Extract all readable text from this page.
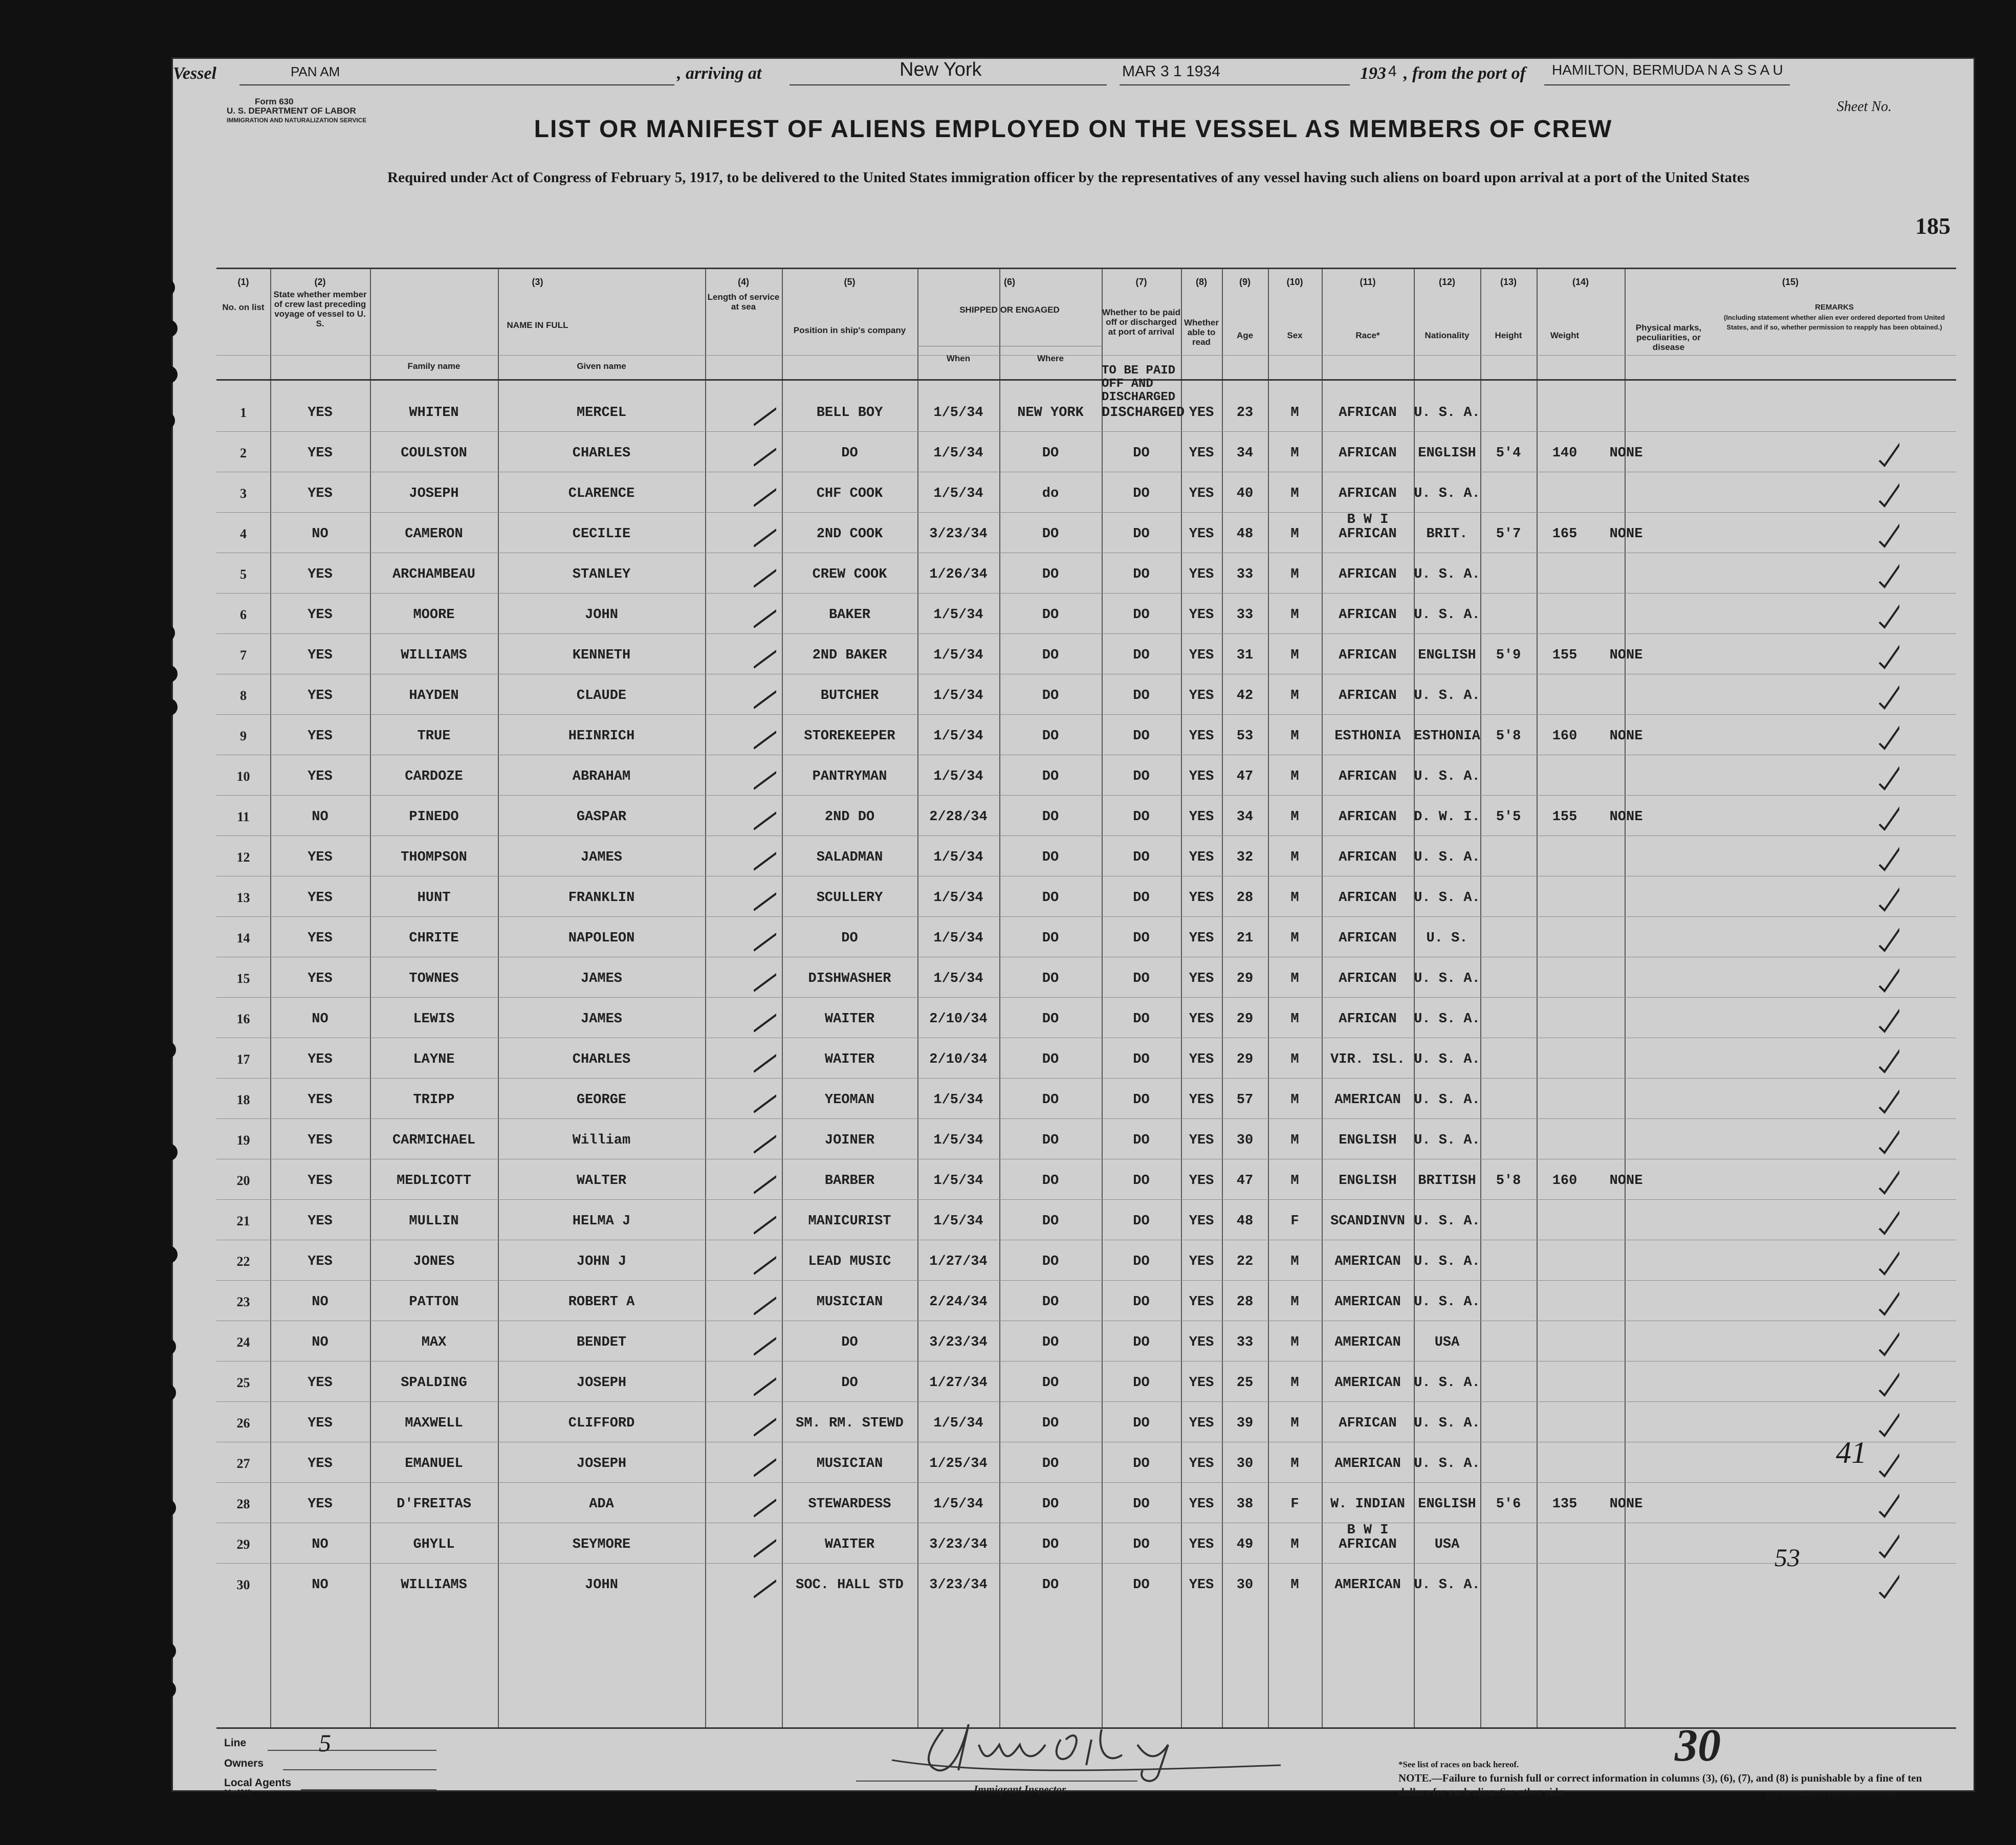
Form 630
U. S. DEPARTMENT OF LABOR
IMMIGRATION AND NATURALIZATION SERVICE
Sheet No.
LIST OR MANIFEST OF ALIENS EMPLOYED ON THE VESSEL AS MEMBERS OF CREW
Required under Act of Congress of February 5, 1917, to be delivered to the United States immigration officer by the representatives of any vessel having such aliens on board upon arrival at a port of the United States
185
Vessel	PAN AM	, arriving at	New York	MAR 3 1 1934	193 4 , from the port of HAMILTON, BERMUDA N A S S A U
No. on list
State whether member of crew last preceding voyage of vessel to U. S.	NAME IN FULL
Family name	Given name
Length of service at sea
Position in ship's company
SHIPPED OR ENGAGED
When	Where
Whether to be paid off or discharged at port of arrival
Whether able to read
Age	Sex	Race*	Nationality	Height	Weight
Physical marks, peculiarities, or disease
REMARKS
(Including statement whether alien ever ordered deported from United States, and if so, whether permission to reapply has been obtained.)
(1)	(2)	(3)	(4)	(5)	(6)	(7)	(8)	(9)	(10)	(11)	(12)	(13)	(14)	(15)
1	YES	WHITEN	MERCEL	BELL BOY	1/5/34	NEW YORK	DISCHARGED YES	23	M	AFRICAN	U. S. A.
2	YES	COULSTON	CHARLES	DO	1/5/34	DO	DO	YES	34	M	AFRICAN	ENGLISH	5'4	140	NONE
3	YES	JOSEPH	CLARENCE	CHF COOK	1/5/34	do	DO	YES	40	M	AFRICAN	U. S. A.
4	NO	CAMERON	CECILIE	2ND COOK	3/23/34	DO	DO	YES	48	M	AFRICAN	BRIT.	5'7	165	NONE
B W I
5	YES	ARCHAMBEAU	STANLEY	CREW COOK	1/26/34	DO	DO	YES	33	M	AFRICAN	U. S. A.
6	YES	MOORE	JOHN	BAKER	1/5/34	DO	DO	YES	33	M	AFRICAN	U. S. A.
7	YES	WILLIAMS	KENNETH	2ND BAKER	1/5/34	DO	DO	YES	31	M	AFRICAN	ENGLISH	5'9	155	NONE
8	YES	HAYDEN	CLAUDE	BUTCHER	1/5/34	DO	DO	YES	42	M	AFRICAN	U. S. A.
9	YES	TRUE	HEINRICH	STOREKEEPER	1/5/34	DO	DO	YES	53	M	ESTHONIA ESTHONIA	5'8	160	NONE
10	YES	CARDOZE	ABRAHAM	PANTRYMAN	1/5/34	DO	DO	YES	47	M	AFRICAN	U. S. A.
11	NO	PINEDO	GASPAR	2ND DO	2/28/34	DO	DO	YES	34	M	AFRICAN	D. W. I.	5'5	155	NONE
12	YES	THOMPSON	JAMES	SALADMAN	1/5/34	DO	DO	YES	32	M	AFRICAN	U. S. A.
13	YES	HUNT	FRANKLIN	SCULLERY	1/5/34	DO	DO	YES	28	M	AFRICAN	U. S. A.
14	YES	CHRITE	NAPOLEON	DO	1/5/34	DO	DO	YES	21	M	AFRICAN	U. S.
15	YES	TOWNES	JAMES	DISHWASHER	1/5/34	DO	DO	YES	29	M	AFRICAN	U. S. A.
16	NO	LEWIS	JAMES	WAITER	2/10/34	DO	DO	YES	29	M	AFRICAN	U. S. A.
17	YES	LAYNE	CHARLES	WAITER	2/10/34	DO	DO	YES	29	M	VIR. ISL. U. S. A.
18	YES	TRIPP	GEORGE	YEOMAN	1/5/34	DO	DO	YES	57	M	AMERICAN U. S. A.
19	YES	CARMICHAEL	William	JOINER	1/5/34	DO	DO	YES	30	M	ENGLISH	U. S. A.
20	YES	MEDLICOTT	WALTER	BARBER	1/5/34	DO	DO	YES	47	M	ENGLISH	BRITISH	5'8	160	NONE
21	YES	MULLIN	HELMA J	MANICURIST	1/5/34	DO	DO	YES	48	F	SCANDINVN U. S. A.
22	YES	JONES	JOHN J	LEAD MUSIC	1/27/34	DO	DO	YES	22	M	AMERICAN U. S. A.
23	NO	PATTON	ROBERT A	MUSICIAN	2/24/34	DO	DO	YES	28	M	AMERICAN U. S. A.
24	NO	MAX	BENDET	DO	3/23/34	DO	DO	YES	33	M	AMERICAN	USA
25	YES	SPALDING	JOSEPH	DO	1/27/34	DO	DO	YES	25	M	AMERICAN U. S. A.
26	YES	MAXWELL	CLIFFORD	SM. RM. STEWD	1/5/34	DO	DO	YES	39	M	AFRICAN	U. S. A.
27	YES	EMANUEL	JOSEPH	MUSICIAN	1/25/34	DO	DO	YES	30	M	AMERICAN U. S. A.
28	YES	D'FREITAS	ADA	STEWARDESS	1/5/34	DO	DO	YES	38	F	W. INDIAN ENGLISH	5'6	135	NONE
29	NO	GHYLL	SEYMORE	WAITER	3/23/34	DO	DO	YES	49	M	AFRICAN	USA
B W I
30	NO	WILLIAMS	JOHN	SOC. HALL STD	3/23/34	DO	DO	YES	30	M	AMERICAN U. S. A.
TO BE PAID
OFF AND
DISCHARGED
Line	5
Owners
Local Agents
14—1340	Immigrant Inspector.
*See list of races on back hereof.
NOTE.—Failure to furnish full or correct information in columns (3), (6), (7), and (8) is punishable by a fine of ten dollars for each alien. See other side.
30
U. S. GOVERNMENT PRINTING OFFICE 1933
41
53
